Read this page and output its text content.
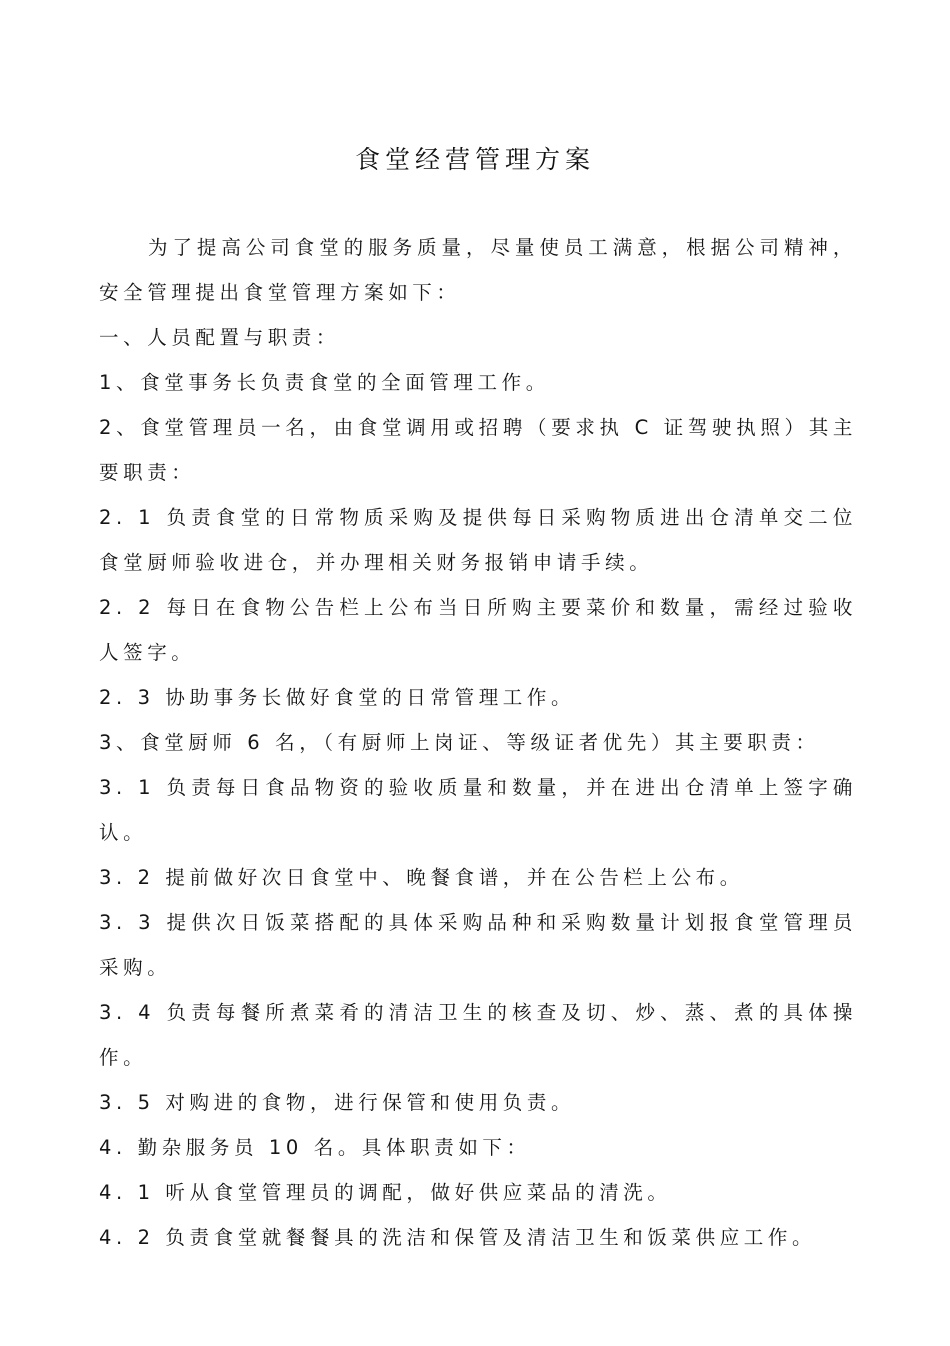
食堂经营管理方案

为了提高公司食堂的服务质量，尽量使员工满意，根据公司精神，安全管理提出食堂管理方案如下：

一、人员配置与职责：

1、食堂事务长负责食堂的全面管理工作。

2、食堂管理员一名，由食堂调用或招聘（要求执 C 证驾驶执照）其主要职责：

2. 1 负责食堂的日常物质采购及提供每日采购物质进出仓清单交二位食堂厨师验收进仓，并办理相关财务报销申请手续。

2. 2 每日在食物公告栏上公布当日所购主要菜价和数量，需经过验收人签字。

2. 3 协助事务长做好食堂的日常管理工作。

3、食堂厨师 6 名，（有厨师上岗证、等级证者优先）其主要职责：

3. 1 负责每日食品物资的验收质量和数量，并在进出仓清单上签字确认。

3. 2 提前做好次日食堂中、晚餐食谱，并在公告栏上公布。

3. 3 提供次日饭菜搭配的具体采购品种和采购数量计划报食堂管理员采购。

3. 4 负责每餐所煮菜肴的清洁卫生的核查及切、炒、蒸、煮的具体操作。

3. 5 对购进的食物，进行保管和使用负责。

4. 勤杂服务员 10 名。具体职责如下：

4. 1 听从食堂管理员的调配，做好供应菜品的清洗。

4. 2 负责食堂就餐餐具的洗洁和保管及清洁卫生和饭菜供应工作。
